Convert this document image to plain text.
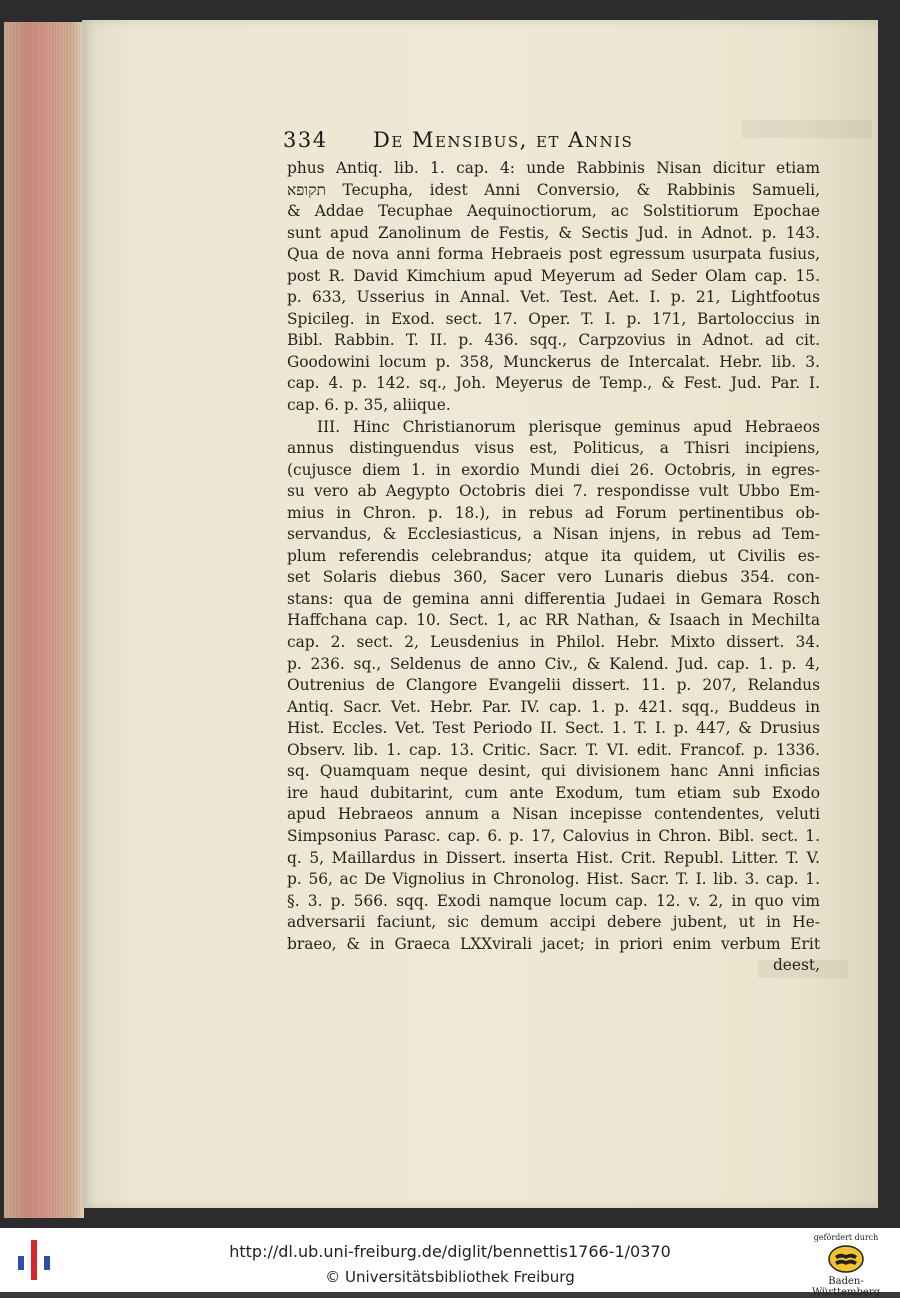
334	De Mensibus, et Annis
phus Antiq. lib. 1. cap. 4: unde Rabbinis Nisan dicitur etiam
תקופא Tecupha, idest Anni Conversio, & Rabbinis Samueli,
& Addae Tecuphae Aequinoctiorum, ac Solstitiorum Epochae
sunt apud Zanolinum de Festis, & Sectis Jud. in Adnot. p. 143.
Qua de nova anni forma Hebraeis post egressum usurpata fusius,
post R. David Kimchium apud Meyerum ad Seder Olam cap. 15.
p. 633, Usserius in Annal. Vet. Test. Aet. I. p. 21, Lightfootus
Spicileg. in Exod. sect. 17. Oper. T. I. p. 171, Bartoloccius in
Bibl. Rabbin. T. II. p. 436. sqq., Carpzovius in Adnot. ad cit.
Goodowini locum p. 358, Munckerus de Intercalat. Hebr. lib. 3.
cap. 4. p. 142. sq., Joh. Meyerus de Temp., & Fest. Jud. Par. I.
cap. 6. p. 35, aliique.
III. Hinc Christianorum plerisque geminus apud Hebraeos
annus distinguendus visus est, Politicus, a Thisri incipiens,
(cujusce diem 1. in exordio Mundi diei 26. Octobris, in egres-
su vero ab Aegypto Octobris diei 7. respondisse vult Ubbo Em-
mius in Chron. p. 18.), in rebus ad Forum pertinentibus ob-
servandus, & Ecclesiasticus, a Nisan injens, in rebus ad Tem-
plum referendis celebrandus; atque ita quidem, ut Civilis es-
set Solaris diebus 360, Sacer vero Lunaris diebus 354. con-
stans: qua de gemina anni differentia Judaei in Gemara Rosch
Haffchana cap. 10. Sect. 1, ac RR Nathan, & Isaach in Mechilta
cap. 2. sect. 2, Leusdenius in Philol. Hebr. Mixto dissert. 34.
p. 236. sq., Seldenus de anno Civ., & Kalend. Jud. cap. 1. p. 4,
Outrenius de Clangore Evangelii dissert. 11. p. 207, Relandus
Antiq. Sacr. Vet. Hebr. Par. IV. cap. 1. p. 421. sqq., Buddeus in
Hist. Eccles. Vet. Test Periodo II. Sect. 1. T. I. p. 447, & Drusius
Observ. lib. 1. cap. 13. Critic. Sacr. T. VI. edit. Francof. p. 1336.
sq. Quamquam neque desint, qui divisionem hanc Anni inficias
ire haud dubitarint, cum ante Exodum, tum etiam sub Exodo
apud Hebraeos annum a Nisan incepisse contendentes, veluti
Simpsonius Parasc. cap. 6. p. 17, Calovius in Chron. Bibl. sect. 1.
q. 5, Maillardus in Dissert. inserta Hist. Crit. Republ. Litter. T. V.
p. 56, ac De Vignolius in Chronolog. Hist. Sacr. T. I. lib. 3. cap. 1.
§. 3. p. 566. sqq. Exodi namque locum cap. 12. v. 2, in quo vim
adversarii faciunt, sic demum accipi debere jubent, ut in He-
braeo, & in Graeca LXXvirali jacet; in priori enim verbum Erit
deest,
http://dl.ub.uni-freiburg.de/diglit/bennettis1766-1/0370
© Universitätsbibliothek Freiburg
gefördert durch
Baden-Württemberg
